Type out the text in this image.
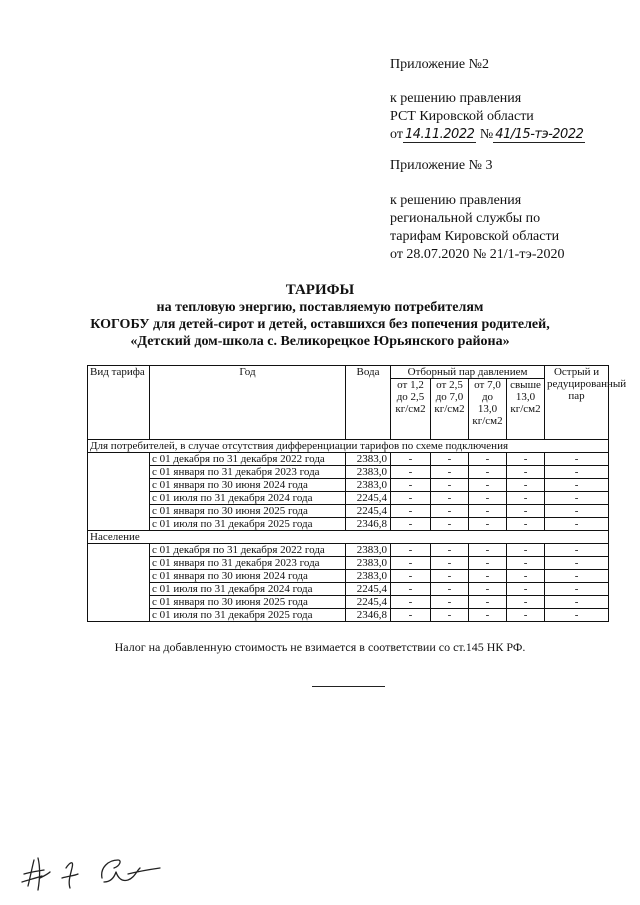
Приложение №2
к решению правления
РСТ Кировской области
от 14.11.2022 № 41/15-тэ-2022
Приложение № 3
к решению правления
региональной службы по
тарифам Кировской области
от 28.07.2020 № 21/1-тэ-2020
ТАРИФЫ
на тепловую энергию, поставляемую потребителям
КОГОБУ для детей-сирот и детей, оставшихся без попечения родителей,
«Детский дом-школа с. Великорецкое Юрьянского района»
Вид тарифа	Год	Вода	Отборный пар давлением				Острый и редуцированный пар
			от 1,2 до 2,5 кг/см2	от 2,5 до 7,0 кг/см2	от 7,0 до 13,0 кг/см2	свыше 13,0 кг/см2	
Для потребителей, в случае отсутствия дифференциации тарифов по схеме подключения							
	с 01 декабря по 31 декабря 2022 года	2383,0	-	-	-	-	-
	с 01 января по 31 декабря 2023 года	2383,0	-	-	-	-	-
	с 01 января по 30 июня 2024 года	2383,0	-	-	-	-	-
	с 01 июля по 31 декабря 2024 года	2245,4	-	-	-	-	-
	с 01 января по 30 июня 2025 года	2245,4	-	-	-	-	-
	с 01 июля по 31 декабря 2025 года	2346,8	-	-	-	-	-
Население							
	с 01 декабря по 31 декабря 2022 года	2383,0	-	-	-	-	-
	с 01 января по 31 декабря 2023 года	2383,0	-	-	-	-	-
	с 01 января по 30 июня 2024 года	2383,0	-	-	-	-	-
	с 01 июля по 31 декабря 2024 года	2245,4	-	-	-	-	-
	с 01 января по 30 июня 2025 года	2245,4	-	-	-	-	-
	с 01 июля по 31 декабря 2025 года	2346,8	-	-	-	-	-
Налог на добавленную стоимость не взимается в соответствии со ст.145 НК РФ.
